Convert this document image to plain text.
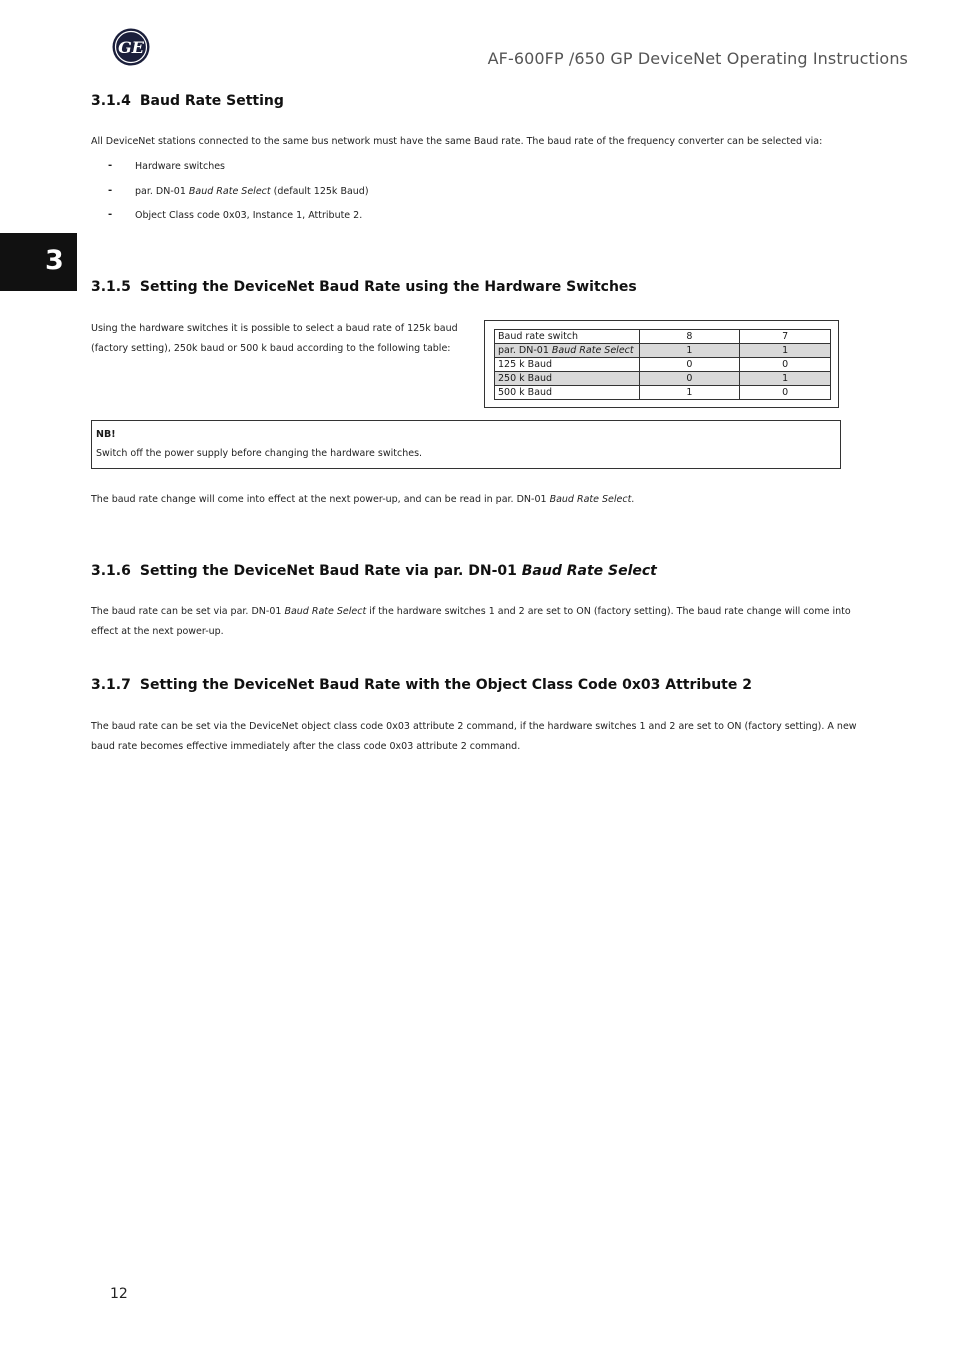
GE
AF-600FP /650 GP DeviceNet Operating Instructions
3
3.1.4 Baud Rate Setting
All DeviceNet stations connected to the same bus network must have the same Baud rate. The baud rate of the frequency converter can be selected via:
- Hardware switches
- par. DN-01 Baud Rate Select (default 125k Baud)
- Object Class code 0x03, Instance 1, Attribute 2.
3.1.5 Setting the DeviceNet Baud Rate using the Hardware Switches
Using the hardware switches it is possible to select a baud rate of 125k baud
(factory setting), 250k baud or 500 k baud according to the following table:
Baud rate switch	8	7
par. DN-01 Baud Rate Select	1	1
125 k Baud	0	0
250 k Baud	0	1
500 k Baud	1	0
NB!
Switch off the power supply before changing the hardware switches.
The baud rate change will come into effect at the next power-up, and can be read in par. DN-01 Baud Rate Select.
3.1.6 Setting the DeviceNet Baud Rate via par. DN-01 Baud Rate Select
The baud rate can be set via par. DN-01 Baud Rate Select if the hardware switches 1 and 2 are set to ON (factory setting). The baud rate change will come into
effect at the next power-up.
3.1.7 Setting the DeviceNet Baud Rate with the Object Class Code 0x03 Attribute 2
The baud rate can be set via the DeviceNet object class code 0x03 attribute 2 command, if the hardware switches 1 and 2 are set to ON (factory setting). A new
baud rate becomes effective immediately after the class code 0x03 attribute 2 command.
12
